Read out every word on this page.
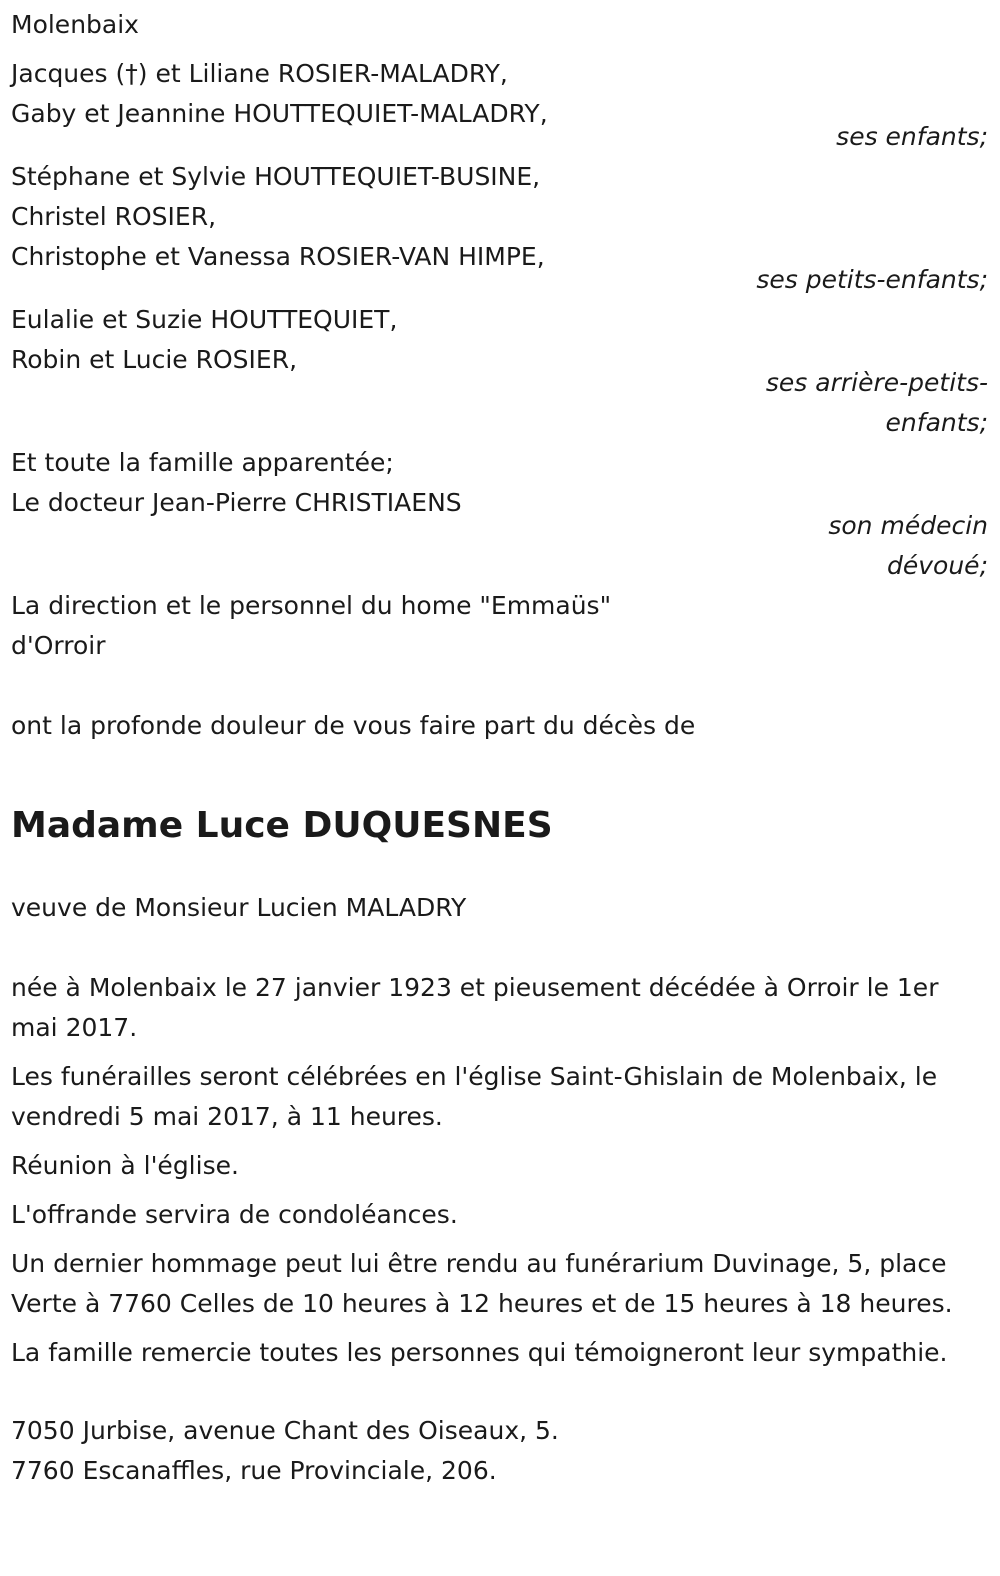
Molenbaix
Jacques (†) et Liliane ROSIER-MALADRY,
Gaby et Jeannine HOUTTEQUIET-MALADRY,
ses enfants;
Stéphane et Sylvie HOUTTEQUIET-BUSINE,
Christel ROSIER,
Christophe et Vanessa ROSIER-VAN HIMPE,
ses petits-enfants;
Eulalie et Suzie HOUTTEQUIET,
Robin et Lucie ROSIER,
ses arrière-petits-
enfants;
Et toute la famille apparentée;
Le docteur Jean-Pierre CHRISTIAENS
son médecin
dévoué;
La direction et le personnel du home "Emmaüs"
d'Orroir
ont la profonde douleur de vous faire part du décès de
Madame Luce DUQUESNES
veuve de Monsieur Lucien MALADRY
née à Molenbaix le 27 janvier 1923 et pieusement décédée à Orroir le 1er mai 2017.
Les funérailles seront célébrées en l'église Saint-Ghislain de Molenbaix, le vendredi 5 mai 2017, à 11 heures.
Réunion à l'église.
L'offrande servira de condoléances.
Un dernier hommage peut lui être rendu au funérarium Duvinage, 5, place Verte à 7760 Celles de 10 heures à 12 heures et de 15 heures à 18 heures.
La famille remercie toutes les personnes qui témoigneront leur sympathie.
7050 Jurbise, avenue Chant des Oiseaux, 5.
7760 Escanaffles, rue Provinciale, 206.
